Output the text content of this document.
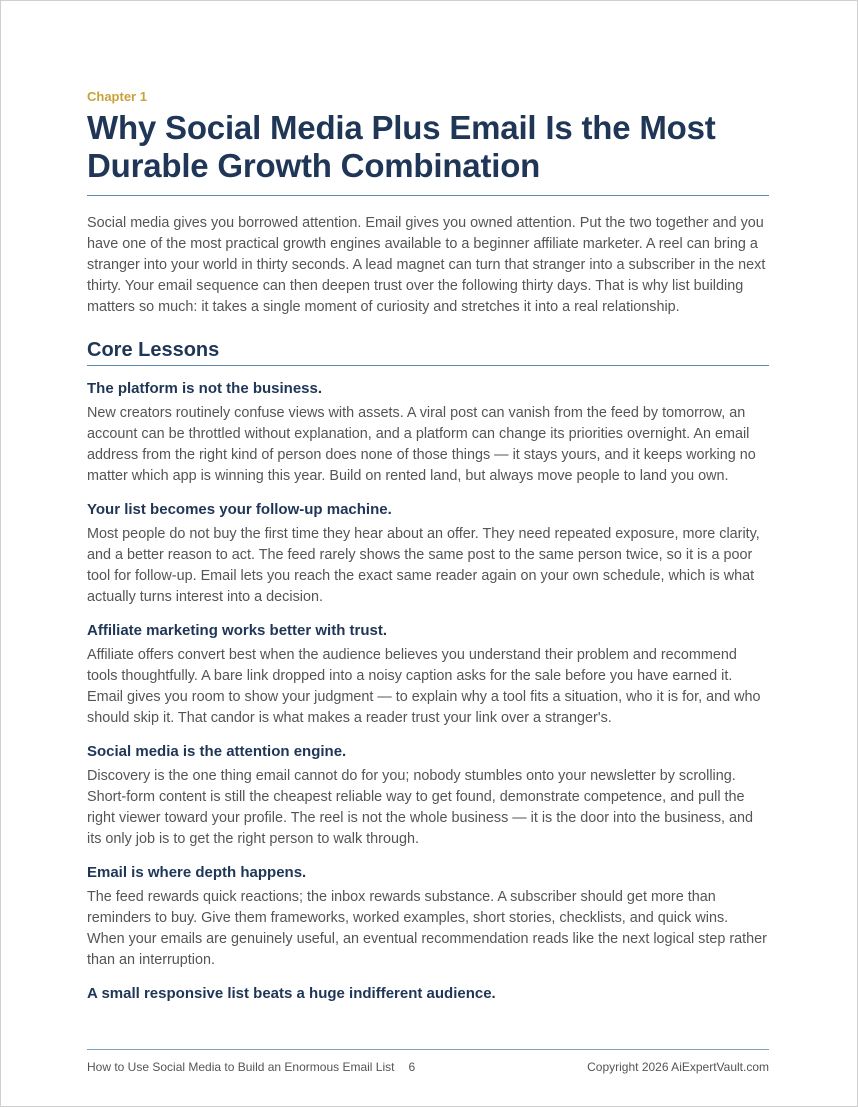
Chapter 1
Why Social Media Plus Email Is the Most Durable Growth Combination

Social media gives you borrowed attention. Email gives you owned attention. Put the two together and you have one of the most practical growth engines available to a beginner affiliate marketer. A reel can bring a stranger into your world in thirty seconds. A lead magnet can turn that stranger into a subscriber in the next thirty. Your email sequence can then deepen trust over the following thirty days. That is why list building matters so much: it takes a single moment of curiosity and stretches it into a real relationship.

Core Lessons
The platform is not the business.

New creators routinely confuse views with assets. A viral post can vanish from the feed by tomorrow, an account can be throttled without explanation, and a platform can change its priorities overnight. An email address from the right kind of person does none of those things — it stays yours, and it keeps working no matter which app is winning this year. Build on rented land, but always move people to land you own.

Your list becomes your follow-up machine.

Most people do not buy the first time they hear about an offer. They need repeated exposure, more clarity, and a better reason to act. The feed rarely shows the same post to the same person twice, so it is a poor tool for follow-up. Email lets you reach the exact same reader again on your own schedule, which is what actually turns interest into a decision.

Affiliate marketing works better with trust.

Affiliate offers convert best when the audience believes you understand their problem and recommend tools thoughtfully. A bare link dropped into a noisy caption asks for the sale before you have earned it. Email gives you room to show your judgment — to explain why a tool fits a situation, who it is for, and who should skip it. That candor is what makes a reader trust your link over a stranger's.

Social media is the attention engine.

Discovery is the one thing email cannot do for you; nobody stumbles onto your newsletter by scrolling. Short-form content is still the cheapest reliable way to get found, demonstrate competence, and pull the right viewer toward your profile. The reel is not the whole business — it is the door into the business, and its only job is to get the right person to walk through.

Email is where depth happens.

The feed rewards quick reactions; the inbox rewards substance. A subscriber should get more than reminders to buy. Give them frameworks, worked examples, short stories, checklists, and quick wins. When your emails are genuinely useful, an eventual recommendation reads like the next logical step rather than an interruption.

A small responsive list beats a huge indifferent audience.
How to Use Social Media to Build an Enormous Email List 6	Copyright 2026 AiExpertVault.com
